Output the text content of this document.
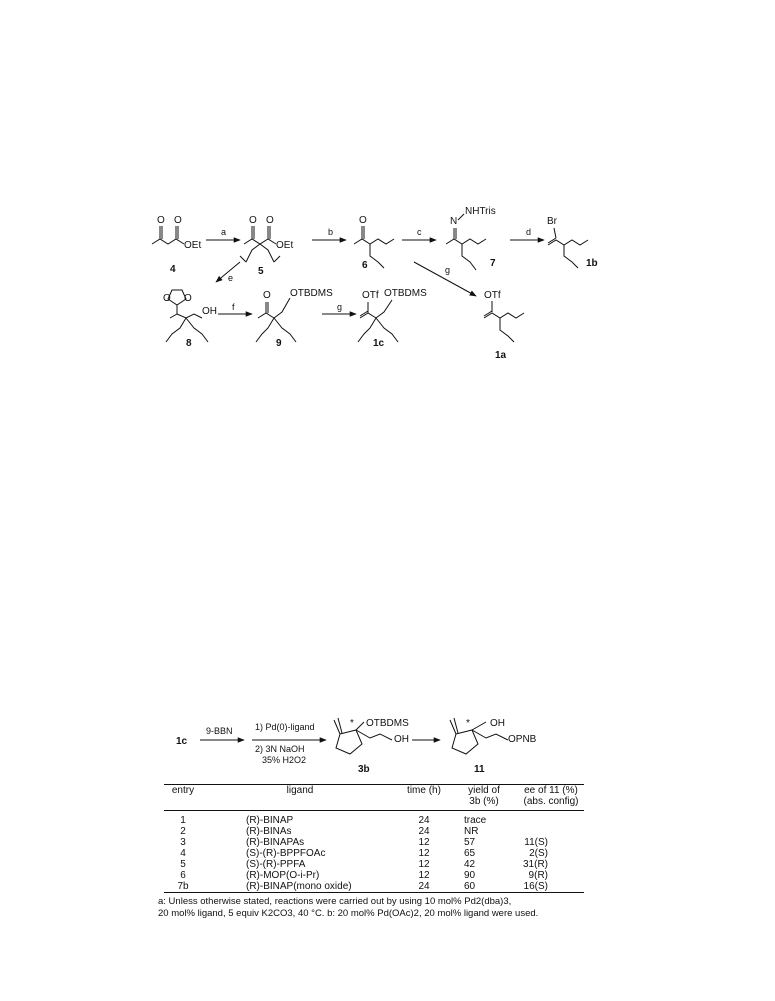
O O
OEt
4
a
O O
OEt
5
b
O
6
c
N
NHTris
7
d
Br
1b
e
g
O O
OH
8
f
O OTBDMS
9
g
OTf OTBDMS
1c
OTf
1a
1c
9-BBN 1) Pd(0)-ligand
2) 3N NaOH
35% H2O2
* OTBDMS
OH
3b
* OH
OPNB
11
entry	ligand	time (h)	yield of
3b (%)	ee of 11 (%)
(abs. config)
1	(R)-BINAP	24	trace	
2	(R)-BINAs	24	NR	
3	(R)-BINAPAs	12	57	11(S)
4	(S)-(R)-BPPFOAc	12	65	2(S)
5	(S)-(R)-PPFA	12	42	31(R)
6	(R)-MOP(O-i-Pr)	12	90	9(R)
7b	(R)-BINAP(mono oxide)	24	60	16(S)
a: Unless otherwise stated, reactions were carried out by using 10 mol% Pd2(dba)3,
20 mol% ligand, 5 equiv K2CO3, 40 °C. b: 20 mol% Pd(OAc)2, 20 mol% ligand were used.
